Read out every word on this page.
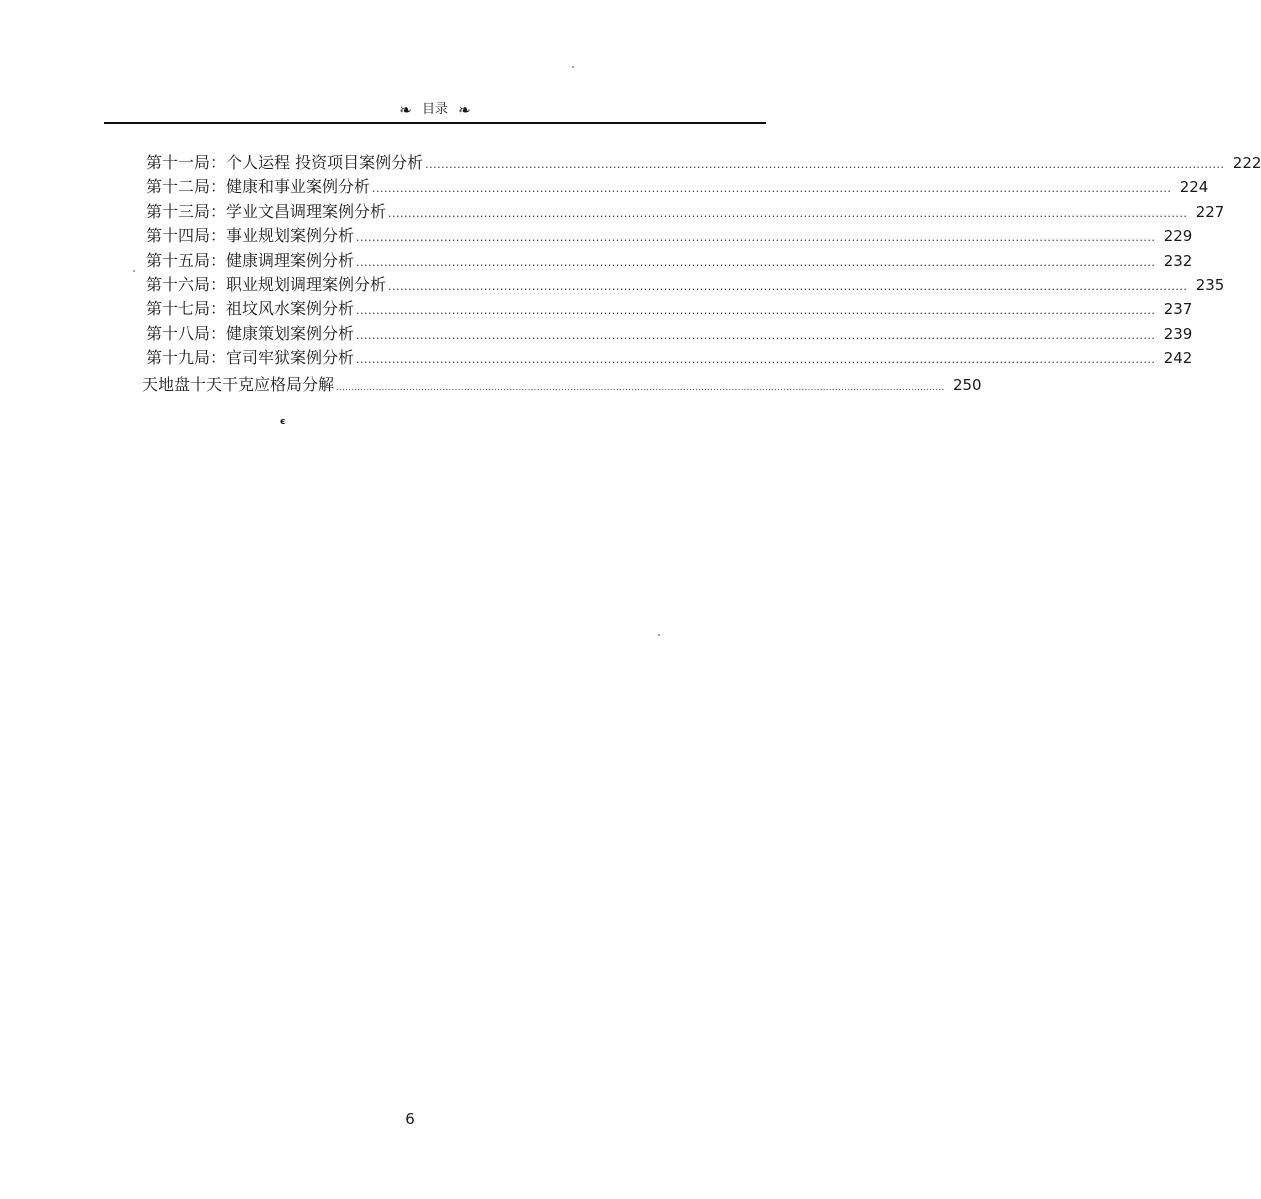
❧ 目录 ❧
第十一局：个人运程 投资项目案例分析 ........................................................................................................................................................................................................ 222
第十二局：健康和事业案例分析 ........................................................................................................................................................................................................ 224
第十三局：学业文昌调理案例分析 ........................................................................................................................................................................................................ 227
第十四局：事业规划案例分析 ........................................................................................................................................................................................................ 229
第十五局：健康调理案例分析 ........................................................................................................................................................................................................ 232
第十六局：职业规划调理案例分析 ........................................................................................................................................................................................................ 235
第十七局：祖坟风水案例分析 ........................................................................................................................................................................................................ 237
第十八局：健康策划案例分析 ........................................................................................................................................................................................................ 239
第十九局：官司牢狱案例分析 ........................................................................................................................................................................................................ 242
天地盘十天干克应格局分解 ........................................................................................................................................................................................................ 250
є
6
